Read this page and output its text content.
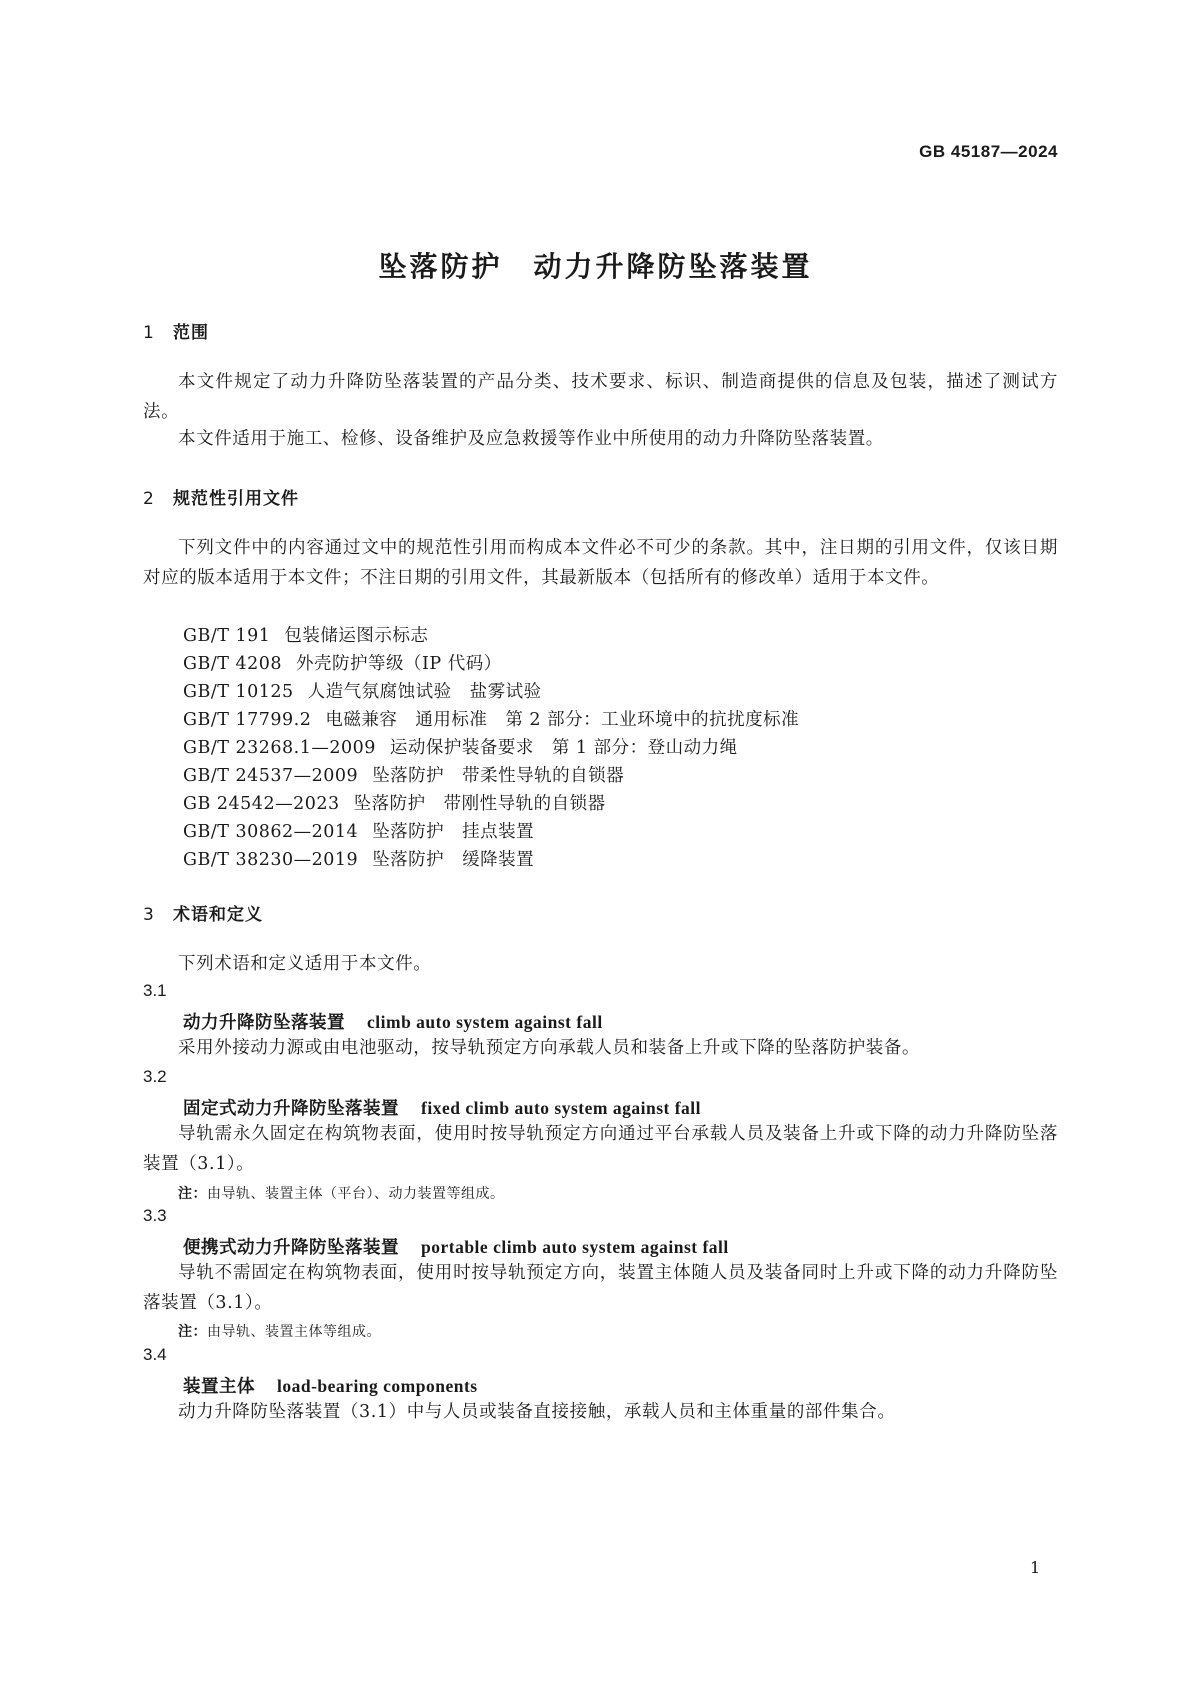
GB 45187—2024
坠落防护　动力升降防坠落装置
1 范围
本文件规定了动力升降防坠落装置的产品分类、技术要求、标识、制造商提供的信息及包装，描述了测试方法。
本文件适用于施工、检修、设备维护及应急救援等作业中所使用的动力升降防坠落装置。
2 规范性引用文件
下列文件中的内容通过文中的规范性引用而构成本文件必不可少的条款。其中，注日期的引用文件，仅该日期对应的版本适用于本文件；不注日期的引用文件，其最新版本（包括所有的修改单）适用于本文件。
GB/T 191 包装储运图示标志
GB/T 4208 外壳防护等级（IP 代码）
GB/T 10125 人造气氛腐蚀试验　盐雾试验
GB/T 17799.2 电磁兼容　通用标准　第 2 部分：工业环境中的抗扰度标准
GB/T 23268.1—2009 运动保护装备要求　第 1 部分：登山动力绳
GB/T 24537—2009 坠落防护　带柔性导轨的自锁器
GB 24542—2023 坠落防护　带刚性导轨的自锁器
GB/T 30862—2014 坠落防护　挂点装置
GB/T 38230—2019 坠落防护　缓降装置
3 术语和定义
下列术语和定义适用于本文件。
3.1
动力升降防坠落装置 climb auto system against fall
采用外接动力源或由电池驱动，按导轨预定方向承载人员和装备上升或下降的坠落防护装备。
3.2
固定式动力升降防坠落装置 fixed climb auto system against fall
导轨需永久固定在构筑物表面，使用时按导轨预定方向通过平台承载人员及装备上升或下降的动力升降防坠落装置（3.1）。
注：由导轨、装置主体（平台）、动力装置等组成。
3.3
便携式动力升降防坠落装置 portable climb auto system against fall
导轨不需固定在构筑物表面，使用时按导轨预定方向，装置主体随人员及装备同时上升或下降的动力升降防坠落装置（3.1）。
注：由导轨、装置主体等组成。
3.4
装置主体 load-bearing components
动力升降防坠落装置（3.1）中与人员或装备直接接触，承载人员和主体重量的部件集合。
1
